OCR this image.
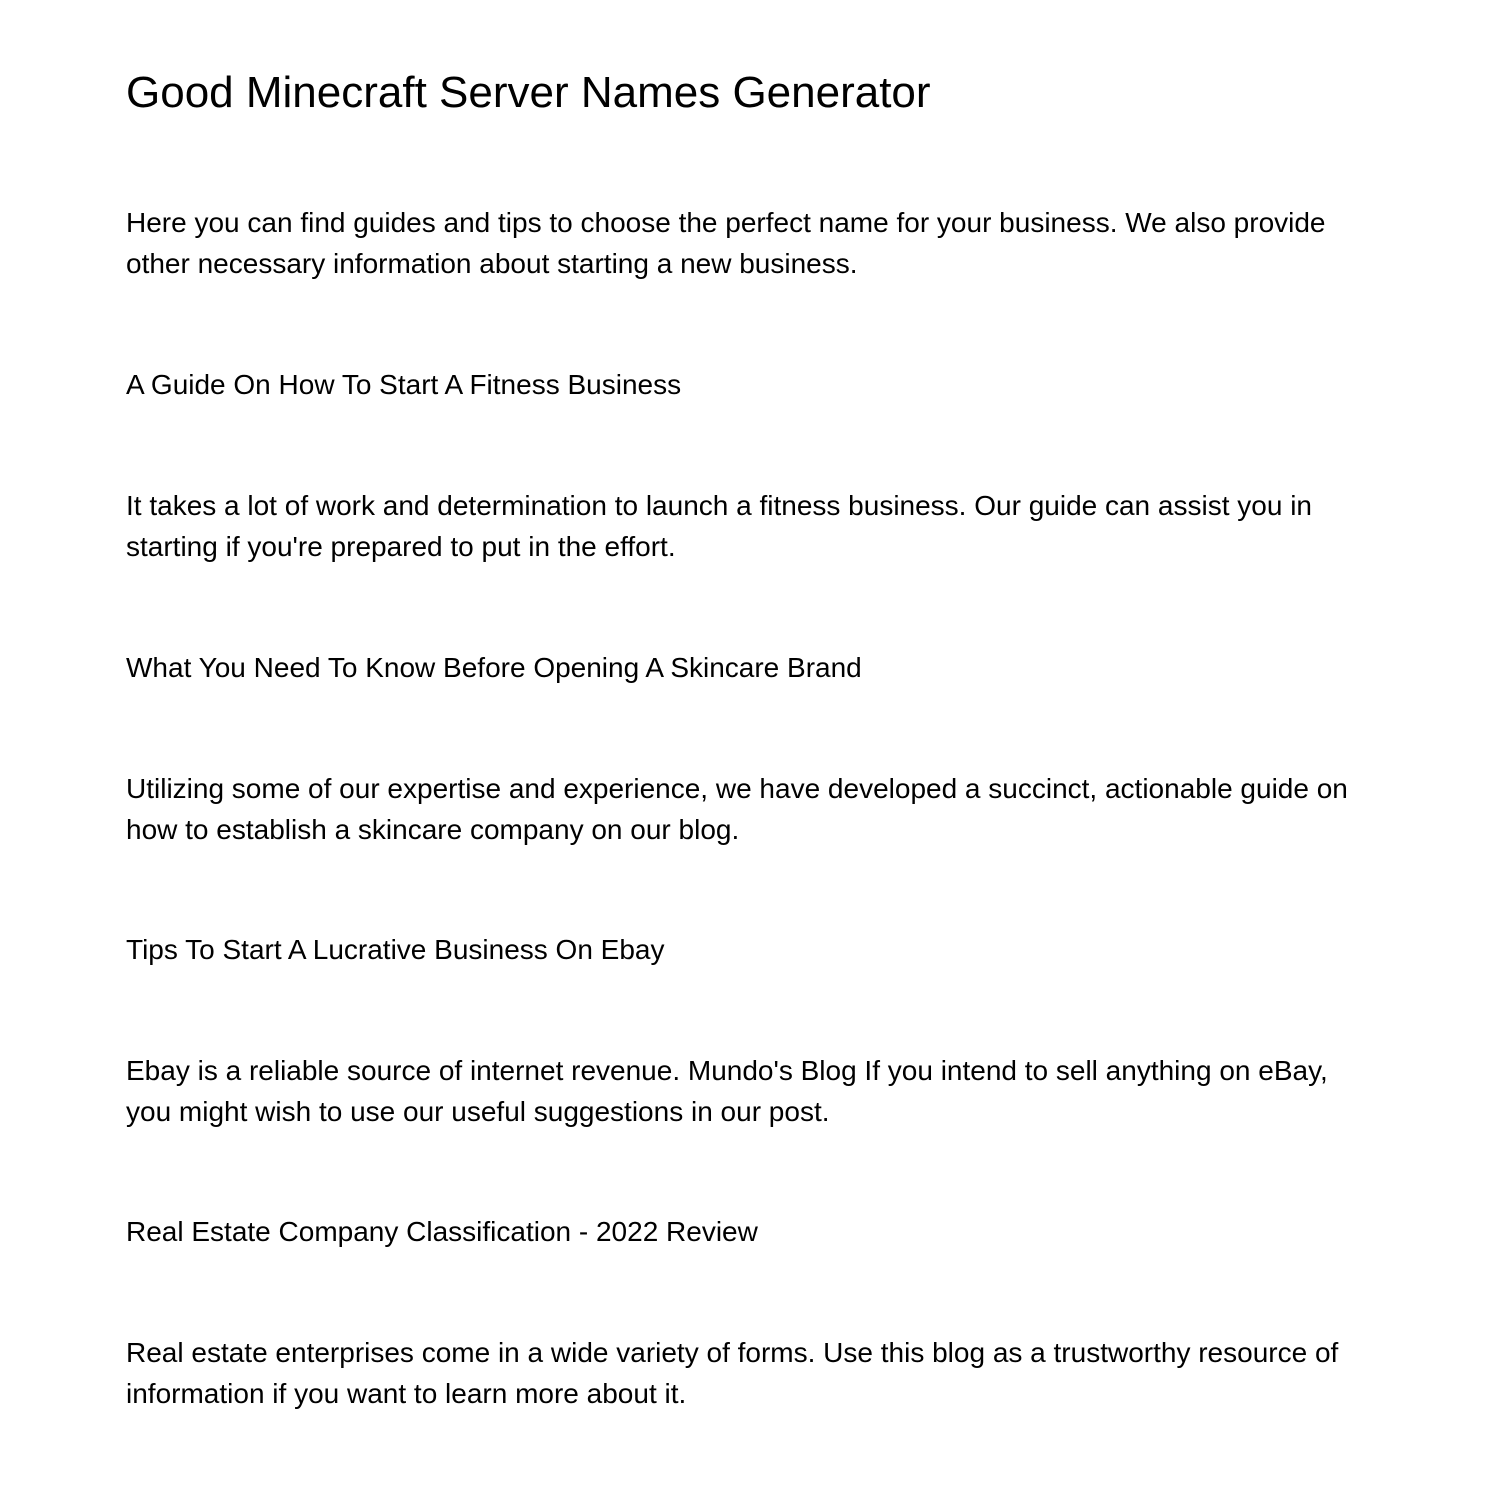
Good Minecraft Server Names Generator

Here you can find guides and tips to choose the perfect name for your business. We also provide other necessary information about starting a new business.

A Guide On How To Start A Fitness Business

It takes a lot of work and determination to launch a fitness business. Our guide can assist you in starting if you're prepared to put in the effort.

What You Need To Know Before Opening A Skincare Brand

Utilizing some of our expertise and experience, we have developed a succinct, actionable guide on how to establish a skincare company on our blog.

Tips To Start A Lucrative Business On Ebay

Ebay is a reliable source of internet revenue. Mundo's Blog If you intend to sell anything on eBay, you might wish to use our useful suggestions in our post.

Real Estate Company Classification - 2022 Review

Real estate enterprises come in a wide variety of forms. Use this blog as a trustworthy resource of information if you want to learn more about it.
